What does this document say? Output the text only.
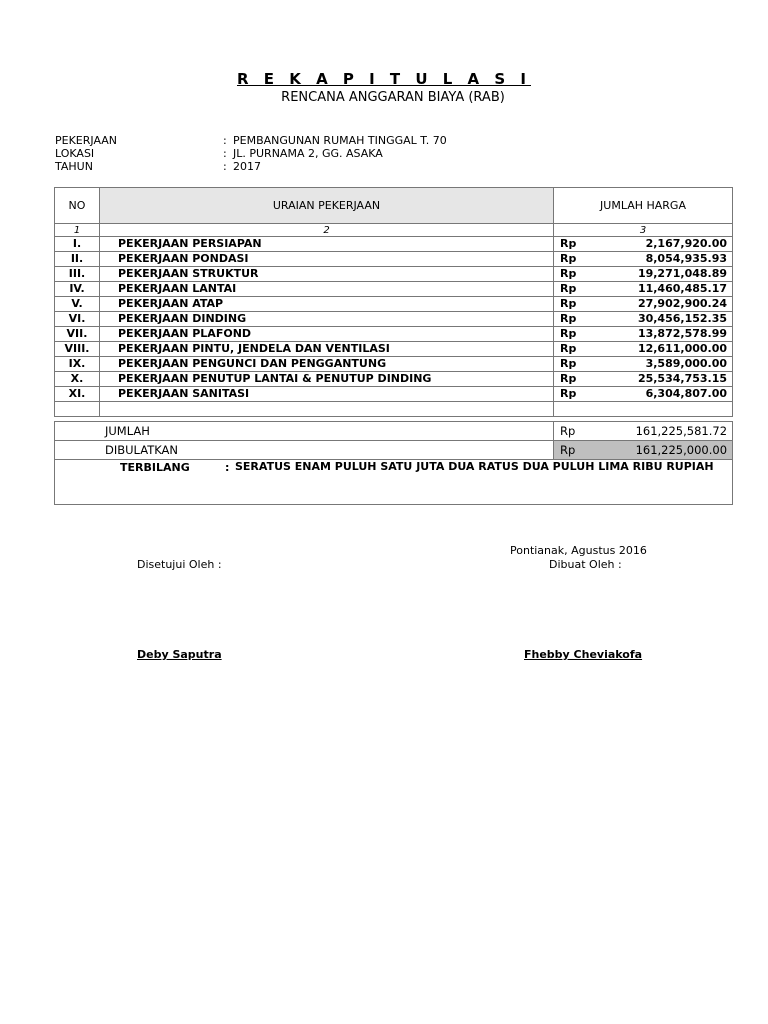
R E K A P I T U L A S I
RENCANA ANGGARAN BIAYA (RAB)
PEKERJAAN	: PEMBANGUNAN RUMAH TINGGAL T. 70
LOKASI	: JL. PURNAMA 2, GG. ASAKA
TAHUN	: 2017
NO	URAIAN PEKERJAAN	JUMLAH HARGA	
1	2	3	
I.	PEKERJAAN PERSIAPAN	Rp	2,167,920.00
II.	PEKERJAAN PONDASI	Rp	8,054,935.93
III.	PEKERJAAN STRUKTUR	Rp	19,271,048.89
IV.	PEKERJAAN LANTAI	Rp	11,460,485.17
V.	PEKERJAAN ATAP	Rp	27,902,900.24
VI.	PEKERJAAN DINDING	Rp	30,456,152.35
VII.	PEKERJAAN PLAFOND	Rp	13,872,578.99
VIII.	PEKERJAAN PINTU, JENDELA DAN VENTILASI	Rp	12,611,000.00
IX.	PEKERJAAN PENGUNCI DAN PENGGANTUNG	Rp	3,589,000.00
X.	PEKERJAAN PENUTUP LANTAI & PENUTUP DINDING	Rp	25,534,753.15
XI.	PEKERJAAN SANITASI	Rp	6,304,807.00

JUMLAH		Rp	161,225,581.72
DIBULATKAN		Rp	161,225,000.00

TERBILANG : SERATUS ENAM PULUH SATU JUTA DUA RATUS DUA PULUH LIMA RIBU RUPIAH			
Pontianak, Agustus 2016
Disetujui Oleh :	Dibuat Oleh :
Deby Saputra	Fhebby Cheviakofa
